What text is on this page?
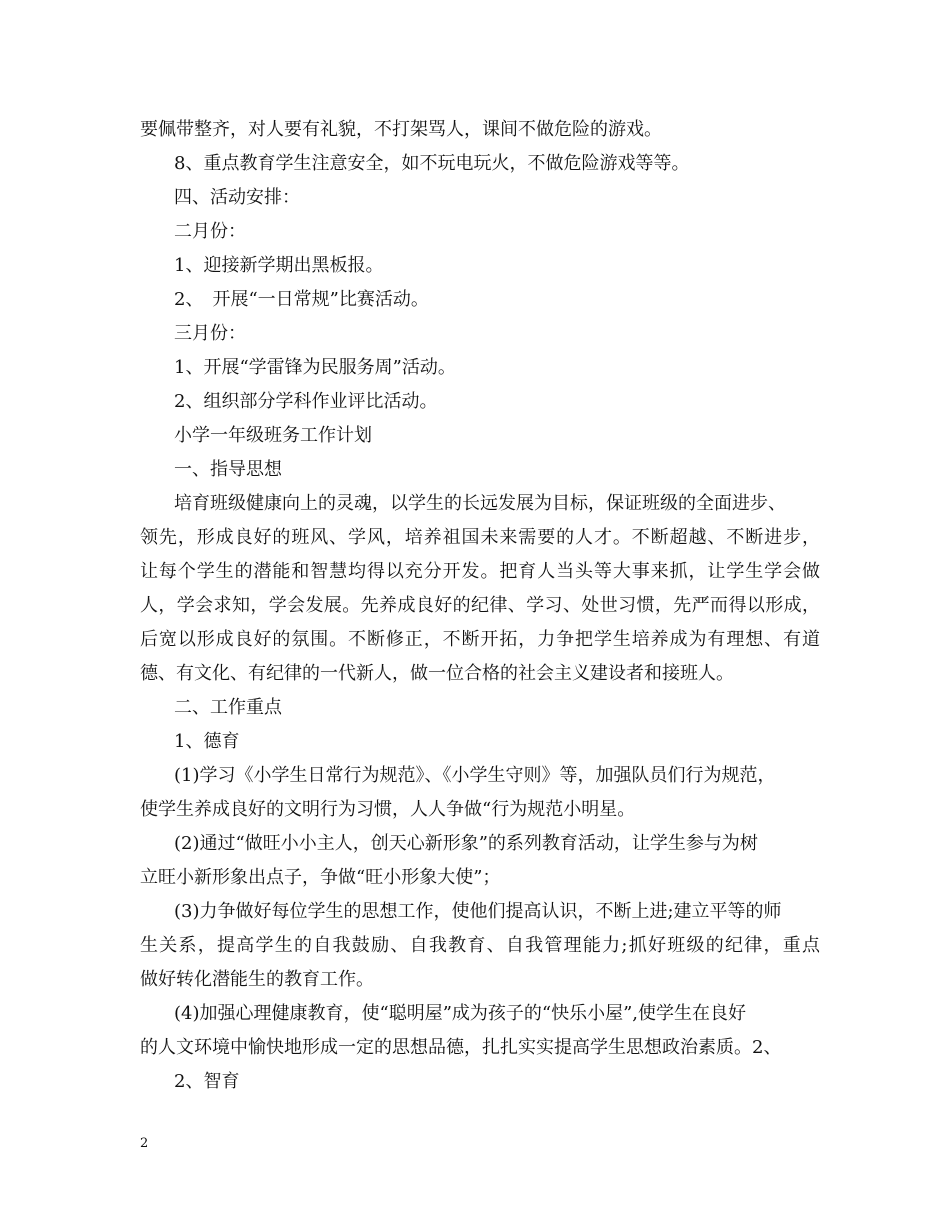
要佩带整齐，对人要有礼貌，不打架骂人，课间不做危险的游戏。
8、重点教育学生注意安全，如不玩电玩火，不做危险游戏等等。
四、活动安排：
二月份：
1、迎接新学期出黑板报。
2、　开展“一日常规”比赛活动。
三月份：
1、开展“学雷锋为民服务周”活动。
2、组织部分学科作业评比活动。
小学一年级班务工作计划
一、指导思想
培育班级健康向上的灵魂，以学生的长远发展为目标，保证班级的全面进步、
领先，形成良好的班风、学风，培养祖国未来需要的人才。不断超越、不断进步，
让每个学生的潜能和智慧均得以充分开发。把育人当头等大事来抓，让学生学会做
人，学会求知，学会发展。先养成良好的纪律、学习、处世习惯，先严而得以形成，
后宽以形成良好的氛围。不断修正，不断开拓，力争把学生培养成为有理想、有道
德、有文化、有纪律的一代新人，做一位合格的社会主义建设者和接班人。
二、工作重点
1、德育
(1)学习《小学生日常行为规范》、《小学生守则》等，加强队员们行为规范，
使学生养成良好的文明行为习惯，人人争做“行为规范小明星。
(2)通过“做旺小小主人，创天心新形象”的系列教育活动，让学生参与为树
立旺小新形象出点子，争做“旺小形象大使”；
(3)力争做好每位学生的思想工作，使他们提高认识，不断上进;建立平等的师
生关系，提高学生的自我鼓励、自我教育、自我管理能力;抓好班级的纪律，重点
做好转化潜能生的教育工作。
(4)加强心理健康教育，使“聪明屋”成为孩子的“快乐小屋”,使学生在良好
的人文环境中愉快地形成一定的思想品德，扎扎实实提高学生思想政治素质。2、
2、智育
2
